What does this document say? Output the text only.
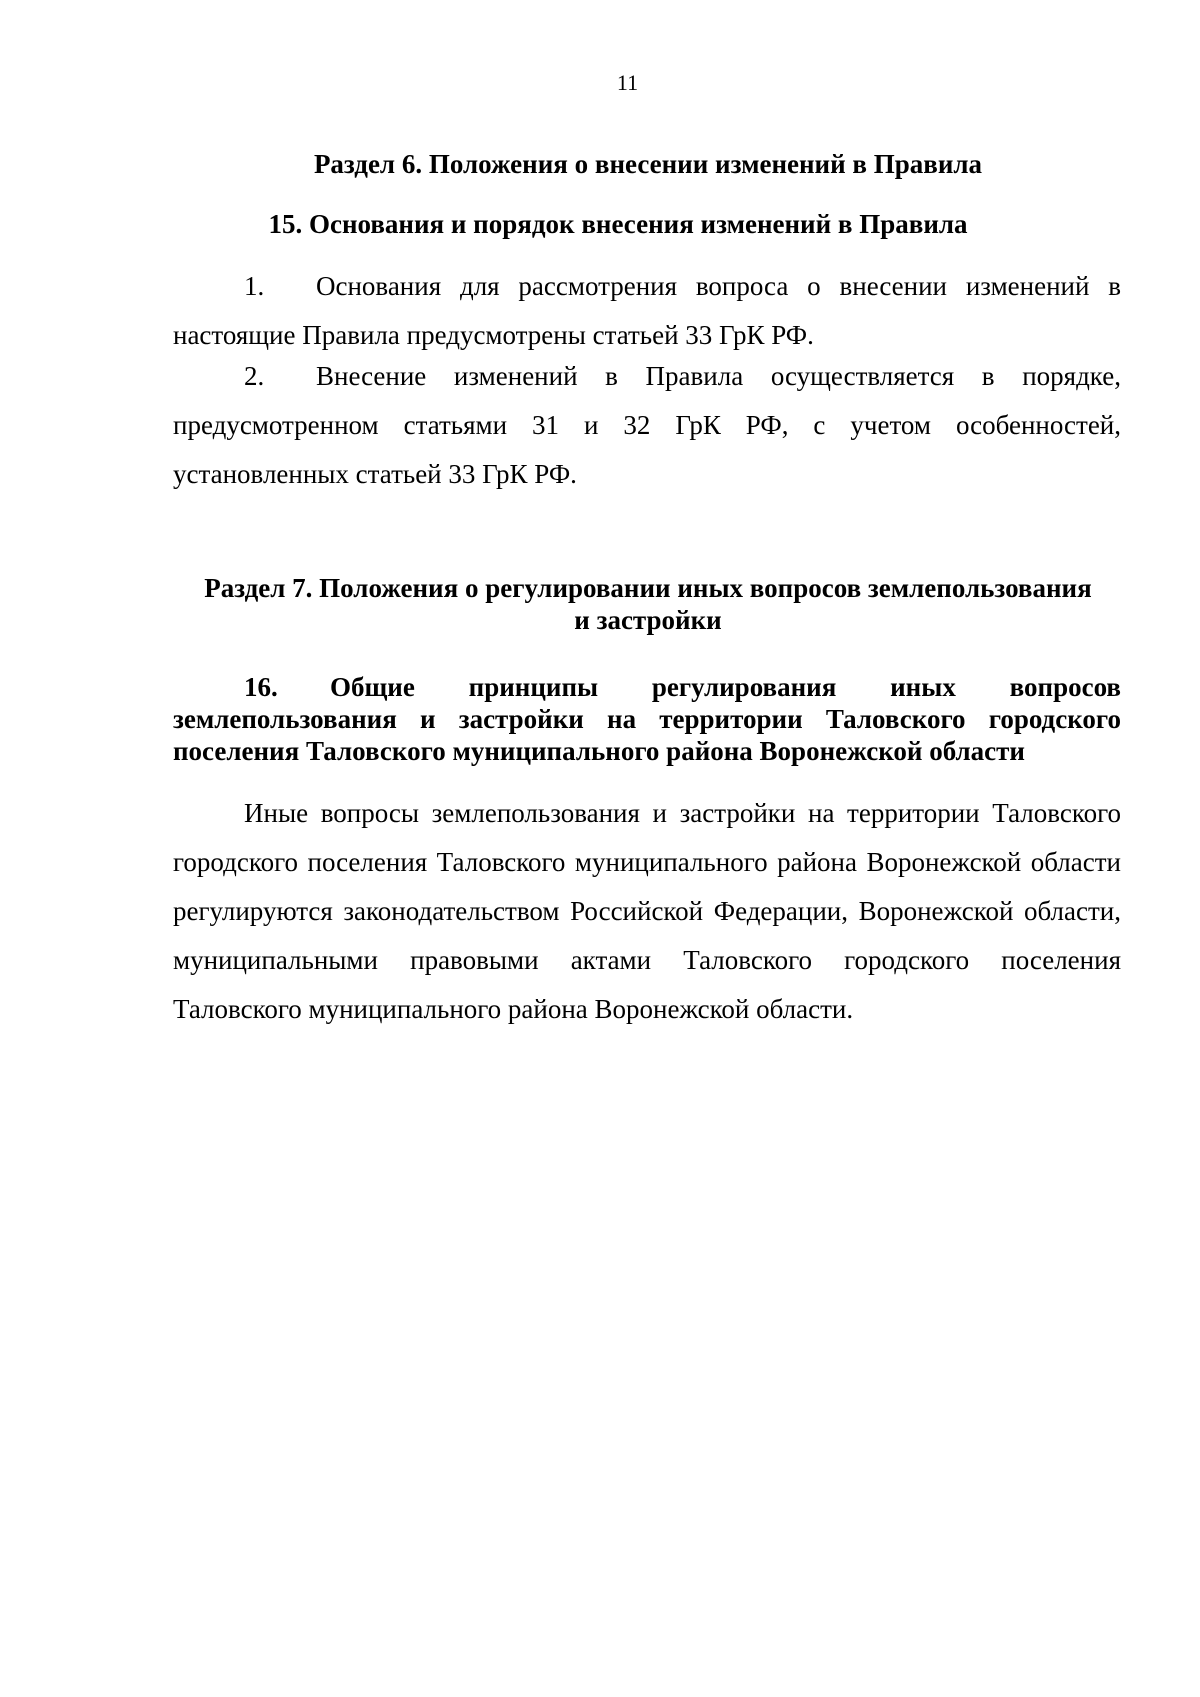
11
Раздел 6. Положения о внесении изменений в Правила
15. Основания и порядок внесения изменений в Правила
1. Основания для рассмотрения вопроса о внесении изменений в настоящие Правила предусмотрены статьей 33 ГрК РФ.
2. Внесение изменений в Правила осуществляется в порядке, предусмотренном статьями 31 и 32 ГрК РФ, с учетом особенностей, установленных статьей 33 ГрК РФ.
Раздел 7. Положения о регулировании иных вопросов землепользования
и застройки
16. Общие принципы регулирования иных вопросов землепользования и застройки на территории Таловского городского поселения Таловского муниципального района Воронежской области
Иные вопросы землепользования и застройки на территории Таловского городского поселения Таловского муниципального района Воронежской области регулируются законодательством Российской Федерации, Воронежской области, муниципальными правовыми актами Таловского городского поселения Таловского муниципального района Воронежской области.
